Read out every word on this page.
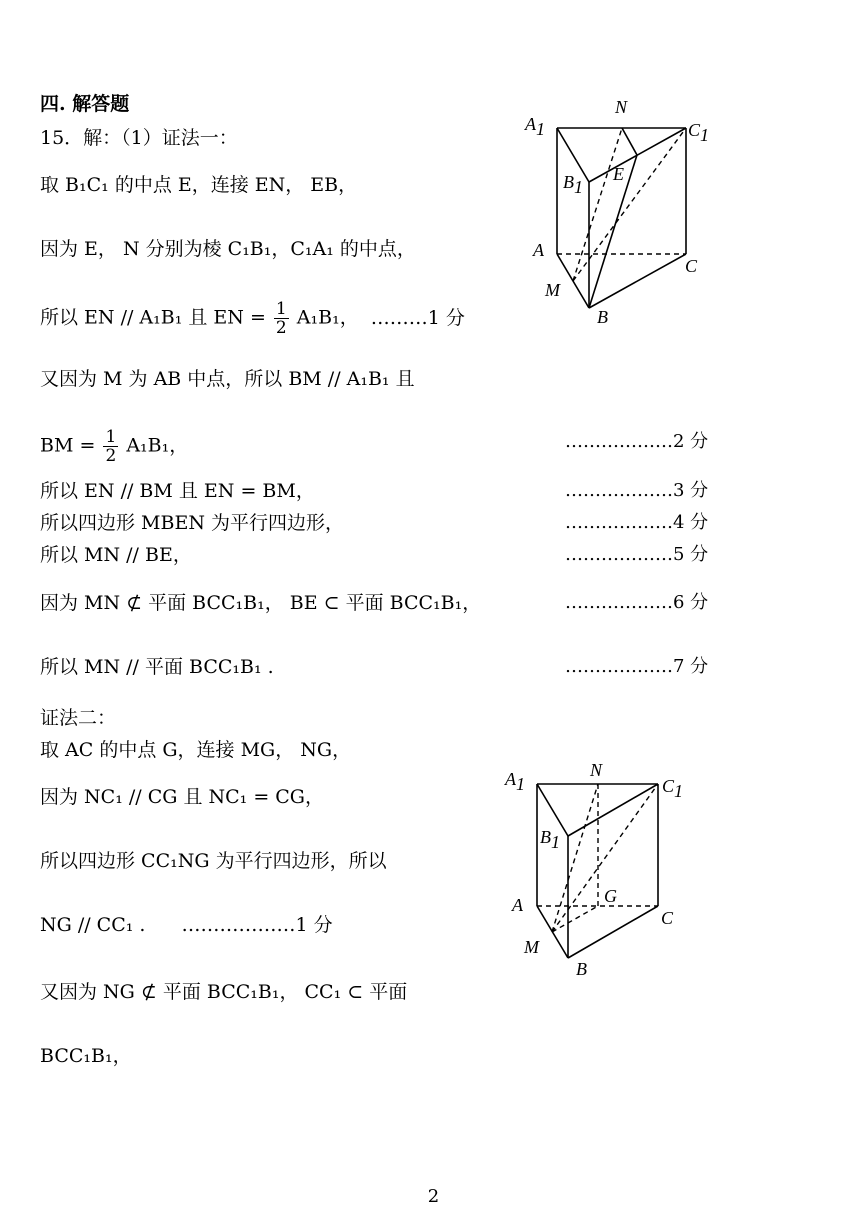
四. 解答题
15．解：（1）证法一：
取 B₁C₁ 的中点 E，连接 EN， EB，
因为 E， N 分别为棱 C₁B₁，C₁A₁ 的中点，
所以 EN // A₁B₁ 且 EN = $\frac{1}{2} A_1B_1$， ………1 分
又因为 M 为 AB 中点，所以 BM // A₁B₁ 且
BM = $\frac{1}{2} A_1B_1$，	………………2 分
所以 EN // BM 且 EN = BM，	………………3 分
所以四边形 MBEN 为平行四边形，	………………4 分
所以 MN // BE，	………………5 分
因为 MN ⊄ 平面 BCC₁B₁， BE ⊂ 平面 BCC₁B₁，	………………6 分
所以 MN // 平面 BCC₁B₁ .	………………7 分
证法二：
取 AC 的中点 G，连接 MG， NG，
因为 NC₁ // CG 且 NC₁ = CG，
所以四边形 CC₁NG 为平行四边形，所以
NG // CC₁ . ………………1 分
又因为 NG ⊄ 平面 BCC₁B₁， CC₁ ⊂ 平面
BCC₁B₁，
A1	C1
B1
N
E
A
C
M
B
A1	C1
B1
N
G
A
C
M
B
2
